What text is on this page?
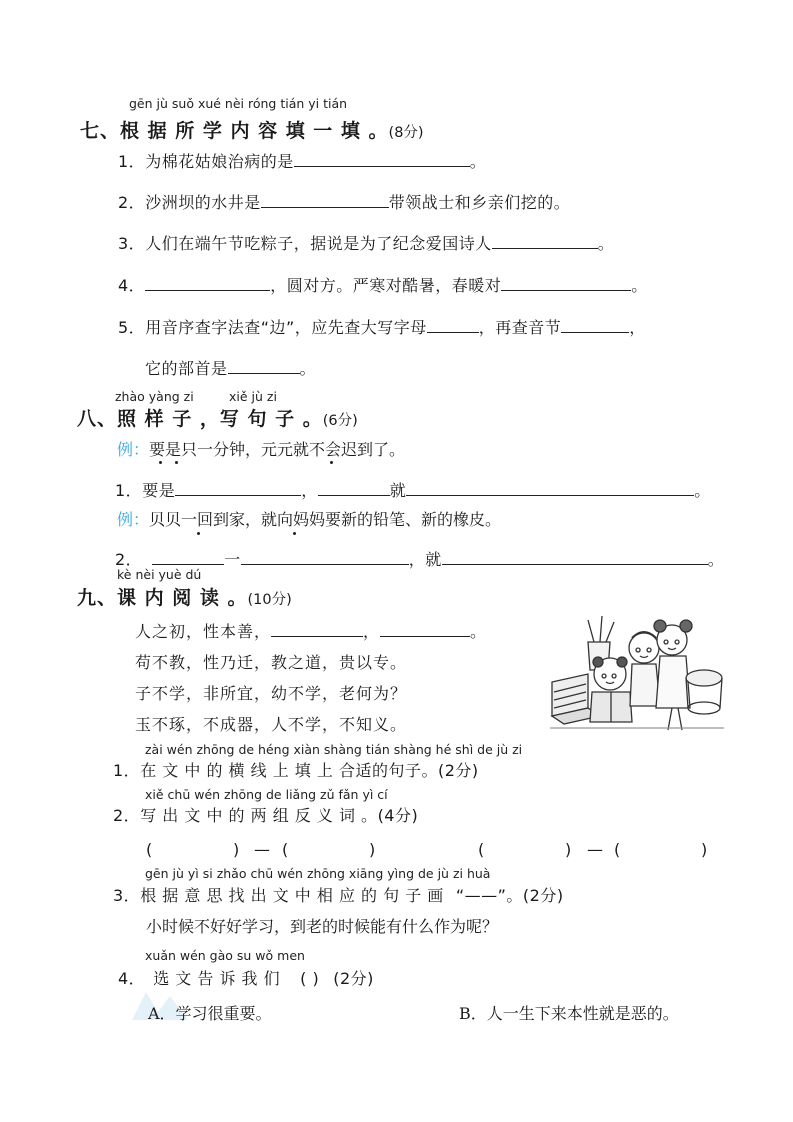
gēn jù suǒ xué nèi róng tián yi tián
七、根 据 所 学 内 容 填 一 填 。(8分)
1．为棉花姑娘治病的是	。
2．沙洲坝的水井是	带领战士和乡亲们挖的。
3．人们在端午节吃粽子，据说是为了纪念爱国诗人	。
4．	，圆对方。严寒对酷暑，春暖对	。
5．用音序查字法查“边”，应先查大写字母	，再查音节	，
它的部首是	。
zhào yàng zi	xiě jù zi
八、照 样 子 ，写 句 子 。(6分)
例：要是只一分钟，元元就不会迟到了。
1．要是	，	就	。
例：贝贝一回到家，就向妈妈要新的铅笔、新的橡皮。
2．	一	，就	。
kè nèi yuè dú
九、课 内 阅 读 。(10分)
人之初，性本善，	，	。
苟不教，性乃迁，教之道，贵以专。
子不学，非所宜，幼不学，老何为？
玉不琢，不成器，人不学，不知义。
zài wén zhōng de héng xiàn shàng tián shàng hé shì de jù zi
1．在 文 中 的 横 线 上 填 上 合适的句子。(2分)
xiě chū wén zhōng de liǎng zǔ fǎn yì cí
2．写 出 文 中 的 两 组 反 义 词 。(4分)
(	) — (	)	(	) — (	)
gēn jù yì si zhǎo chū wén zhōng xiāng yìng de jù zi huà
3．根 据 意 思 找 出 文 中 相 应 的 句 子 画 “——”。(2分)
小时候不好好学习，到老的时候能有什么作为呢？
xuǎn wén gào su wǒ men
4． 选 文 告 诉 我 们 ( ) (2分)
A．学习很重要。	B．人一生下来本性就是恶的。
